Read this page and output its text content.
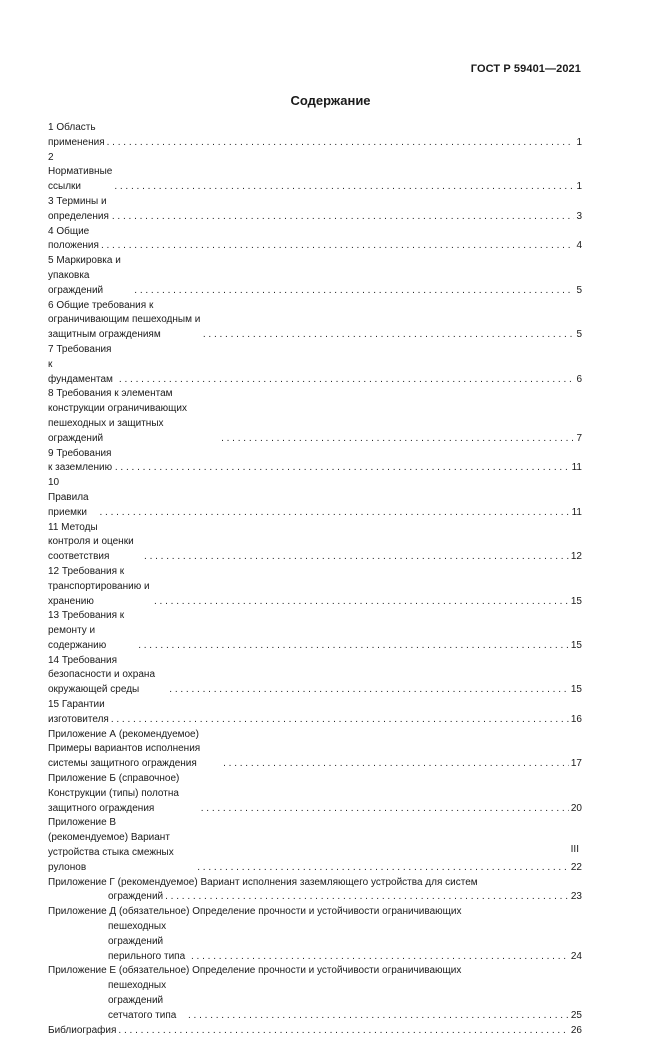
ГОСТ Р 59401—2021
Содержание
1 Область применения . . .	1
2 Нормативные ссылки . . .	1
3 Термины и определения . . .	3
4 Общие положения . . .	4
5 Маркировка и упаковка ограждений . . .	5
6 Общие требования к ограничивающим пешеходным и защитным ограждениям . . .	5
7 Требования к фундаментам . . .	6
8 Требования к элементам конструкции ограничивающих пешеходных и защитных ограждений . . .	7
9 Требования к заземлению . . .	11
10 Правила приемки . . .	11
11 Методы контроля и оценки соответствия . . .	12
12 Требования к транспортированию и хранению . . .	15
13 Требования к ремонту и содержанию . . .	15
14 Требования безопасности и охрана окружающей среды . . .	15
15 Гарантии изготовителя . . .	16
Приложение А (рекомендуемое) Примеры вариантов исполнения системы защитного ограждения . . .	17
Приложение Б (справочное) Конструкции (типы) полотна защитного ограждения . . .	20
Приложение В (рекомендуемое) Вариант устройства стыка смежных рулонов . . .	22
Приложение Г (рекомендуемое) Вариант исполнения заземляющего устройства для систем
ограждений . . .	23
Приложение Д (обязательное) Определение прочности и устойчивости ограничивающих
пешеходных ограждений перильного типа . . .	24
Приложение Е (обязательное) Определение прочности и устойчивости ограничивающих
пешеходных ограждений сетчатого типа . . .	25
Библиография . . .	26
III
